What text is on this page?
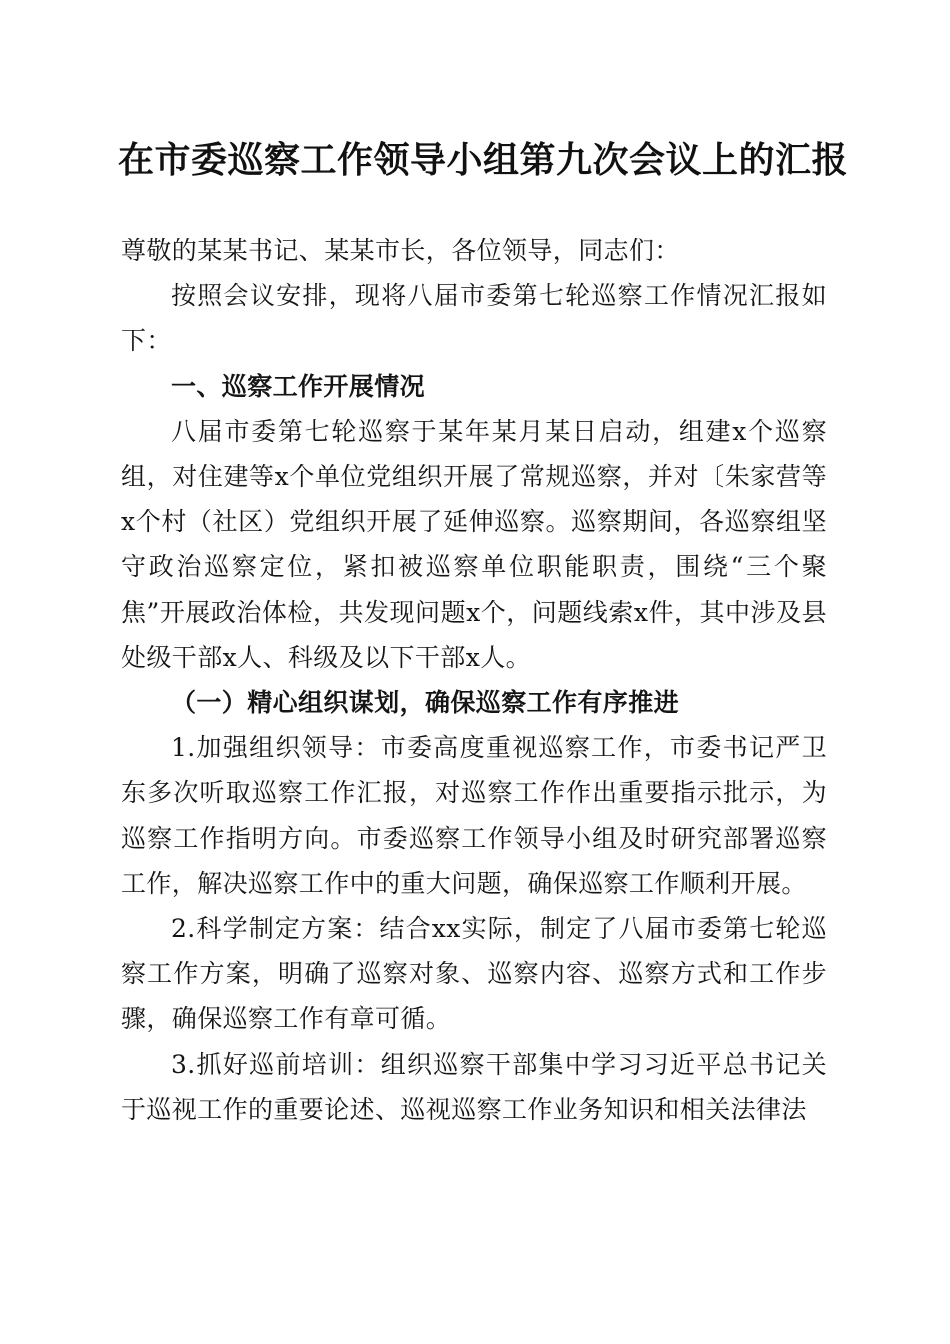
在市委巡察工作领导小组第九次会议上的汇报

尊敬的某某书记、某某市长，各位领导，同志们：

按照会议安排，现将八届市委第七轮巡察工作情况汇报如下：

一、巡察工作开展情况

八届市委第七轮巡察于某年某月某日启动，组建x个巡察组，对住建等x个单位党组织开展了常规巡察，并对〔朱家营等x个村（社区）党组织开展了延伸巡察。巡察期间，各巡察组坚守政治巡察定位，紧扣被巡察单位职能职责，围绕“三个聚焦”开展政治体检，共发现问题x个，问题线索x件，其中涉及县处级干部x人、科级及以下干部x人。

（一）精心组织谋划，确保巡察工作有序推进

1.加强组织领导：市委高度重视巡察工作，市委书记严卫东多次听取巡察工作汇报，对巡察工作作出重要指示批示，为巡察工作指明方向。市委巡察工作领导小组及时研究部署巡察工作，解决巡察工作中的重大问题，确保巡察工作顺利开展。

2.科学制定方案：结合xx实际，制定了八届市委第七轮巡察工作方案，明确了巡察对象、巡察内容、巡察方式和工作步骤，确保巡察工作有章可循。

3.抓好巡前培训：组织巡察干部集中学习习近平总书记关于巡视工作的重要论述、巡视巡察工作业务知识和相关法律法
